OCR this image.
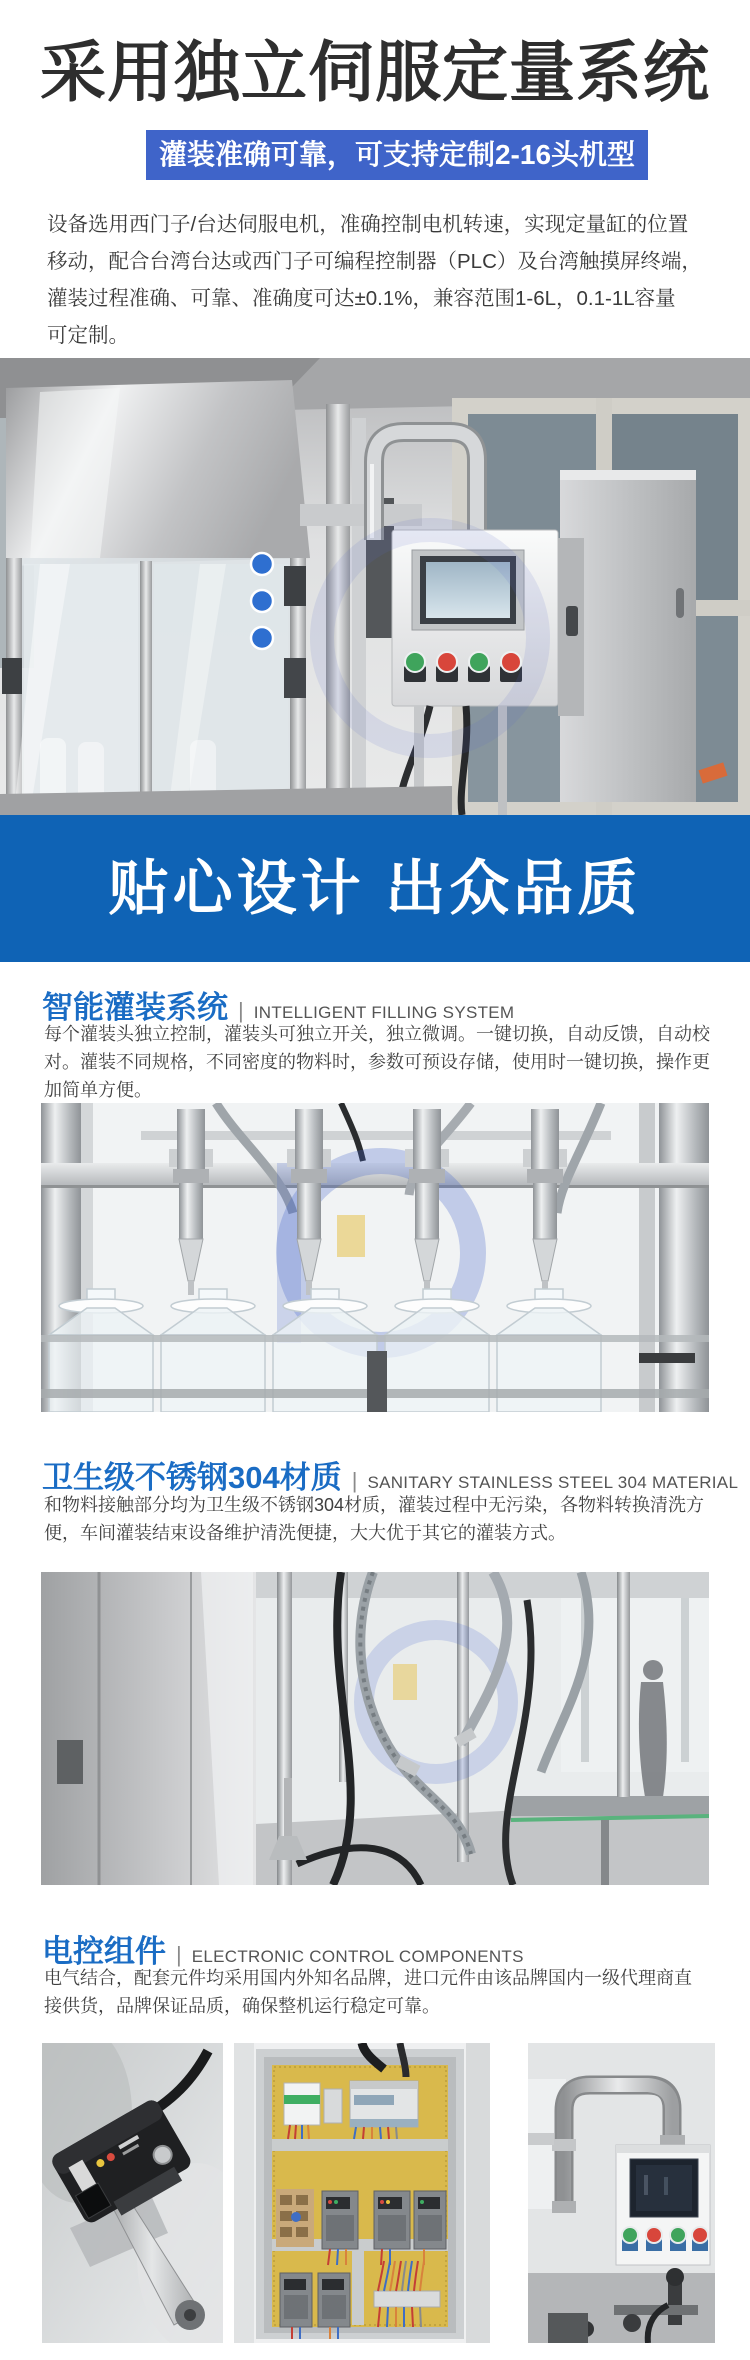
采用独立伺服定量系统
灌装准确可靠，可支持定制2-16头机型
设备选用西门子/台达伺服电机，准确控制电机转速，实现定量缸的位置
移动，配合台湾台达或西门子可编程控制器（PLC）及台湾触摸屏终端，
灌装过程准确、可靠、准确度可达±0.1%，兼容范围1-6L，0.1-1L容量
可定制。
贴心设计 出众品质
智能灌装系统 | INTELLIGENT FILLING SYSTEM
每个灌装头独立控制，灌装头可独立开关，独立微调。一键切换，自动反馈，自动校
对。灌装不同规格，不同密度的物料时，参数可预设存储，使用时一键切换，操作更
加简单方便。
卫生级不锈钢304材质 | SANITARY STAINLESS STEEL 304 MATERIAL
和物料接触部分均为卫生级不锈钢304材质，灌装过程中无污染，各物料转换清洗方
便，车间灌装结束设备维护清洗便捷，大大优于其它的灌装方式。
电控组件 | ELECTRONIC CONTROL COMPONENTS
电气结合，配套元件均采用国内外知名品牌，进口元件由该品牌国内一级代理商直
接供货，品牌保证品质，确保整机运行稳定可靠。
